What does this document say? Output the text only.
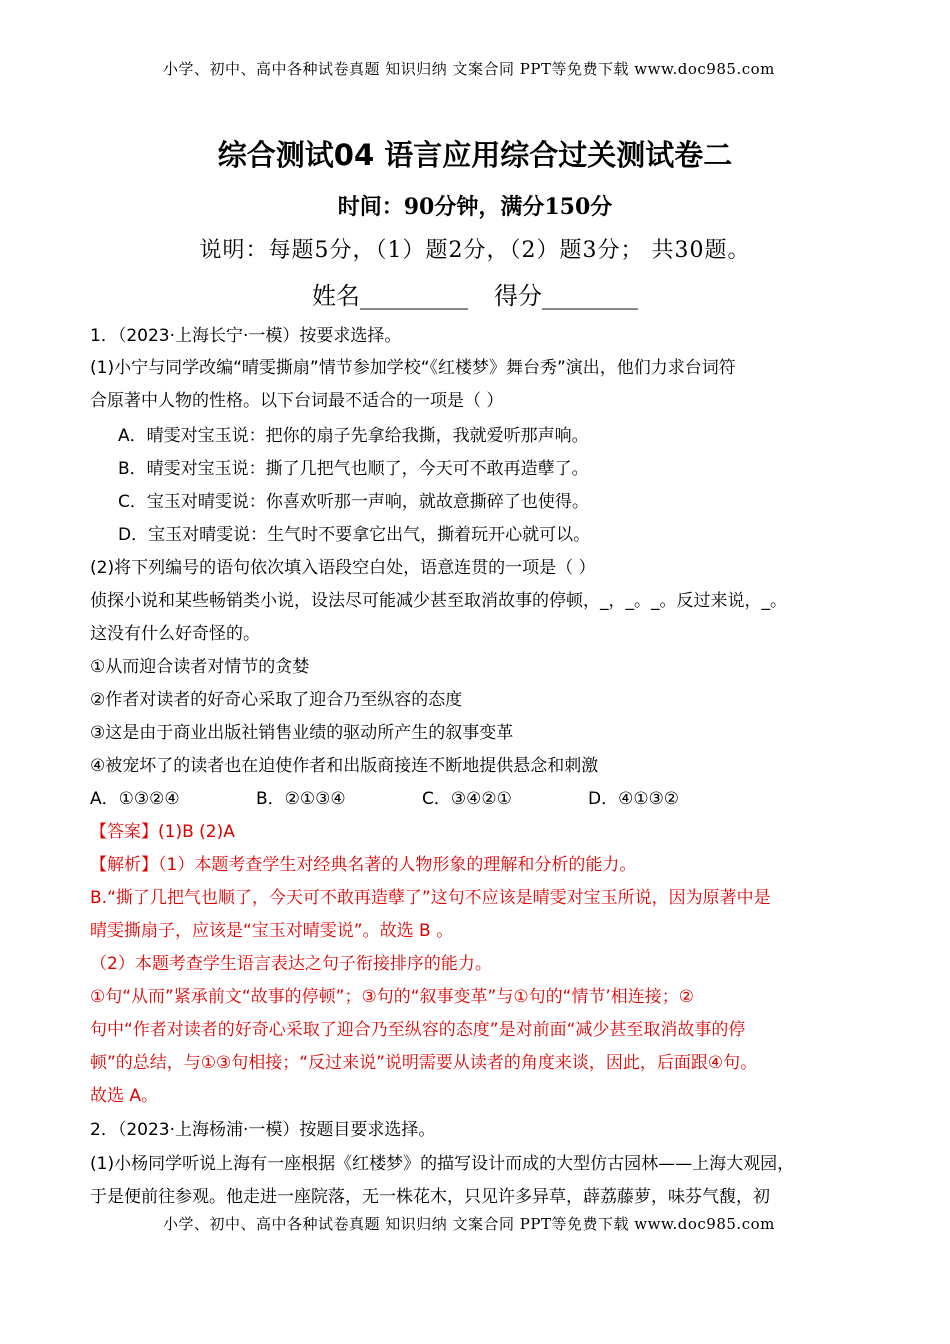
小学、初中、高中各种试卷真题 知识归纳 文案合同 PPT等免费下载 www.doc985.com
综合测试04 语言应用综合过关测试卷二
时间：90分钟，满分150分
说明：每题5分，（1）题2分，（2）题3分； 共30题。
姓名_________ 得分________
1．（2023·上海长宁·一模）按要求选择。
(1)小宁与同学改编“晴雯撕扇”情节参加学校“《红楼梦》舞台秀”演出，他们力求台词符
合原著中人物的性格。以下台词最不适合的一项是（ ）
A．晴雯对宝玉说：把你的扇子先拿给我撕，我就爱听那声响。
B．晴雯对宝玉说：撕了几把气也顺了，今天可不敢再造孽了。
C．宝玉对晴雯说：你喜欢听那一声响，就故意撕碎了也使得。
D．宝玉对晴雯说：生气时不要拿它出气，撕着玩开心就可以。
(2)将下列编号的语句依次填入语段空白处，语意连贯的一项是（ ）
侦探小说和某些畅销类小说，设法尽可能减少甚至取消故事的停顿，_，_。_。反过来说，_。
这没有什么好奇怪的。
①从而迎合读者对情节的贪婪
②作者对读者的好奇心采取了迎合乃至纵容的态度
③这是由于商业出版社销售业绩的驱动所产生的叙事变革
④被宠坏了的读者也在迫使作者和出版商接连不断地提供悬念和刺激
A．①③②④	B．②①③④	C．③④②①	D．④①③②
【答案】(1)B (2)A
【解析】（1）本题考查学生对经典名著的人物形象的理解和分析的能力。
B.“撕了几把气也顺了，今天可不敢再造孽了”这句不应该是晴雯对宝玉所说，因为原著中是
晴雯撕扇子，应该是“宝玉对晴雯说”。故选 B 。
（2）本题考查学生语言表达之句子衔接排序的能力。
①句“从而”紧承前文“故事的停顿”；③句的“叙事变革”与①句的“情节’相连接；②
句中“作者对读者的好奇心采取了迎合乃至纵容的态度”是对前面“减少甚至取消故事的停
顿”的总结，与①③句相接；“反过来说”说明需要从读者的角度来谈，因此，后面跟④句。
故选 A。
2．（2023·上海杨浦·一模）按题目要求选择。
(1)小杨同学听说上海有一座根据《红楼梦》的描写设计而成的大型仿古园林——上海大观园，
于是便前往参观。他走进一座院落，无一株花木，只见许多异草，薜荔藤萝，味芬气馥，初
小学、初中、高中各种试卷真题 知识归纳 文案合同 PPT等免费下载 www.doc985.com
